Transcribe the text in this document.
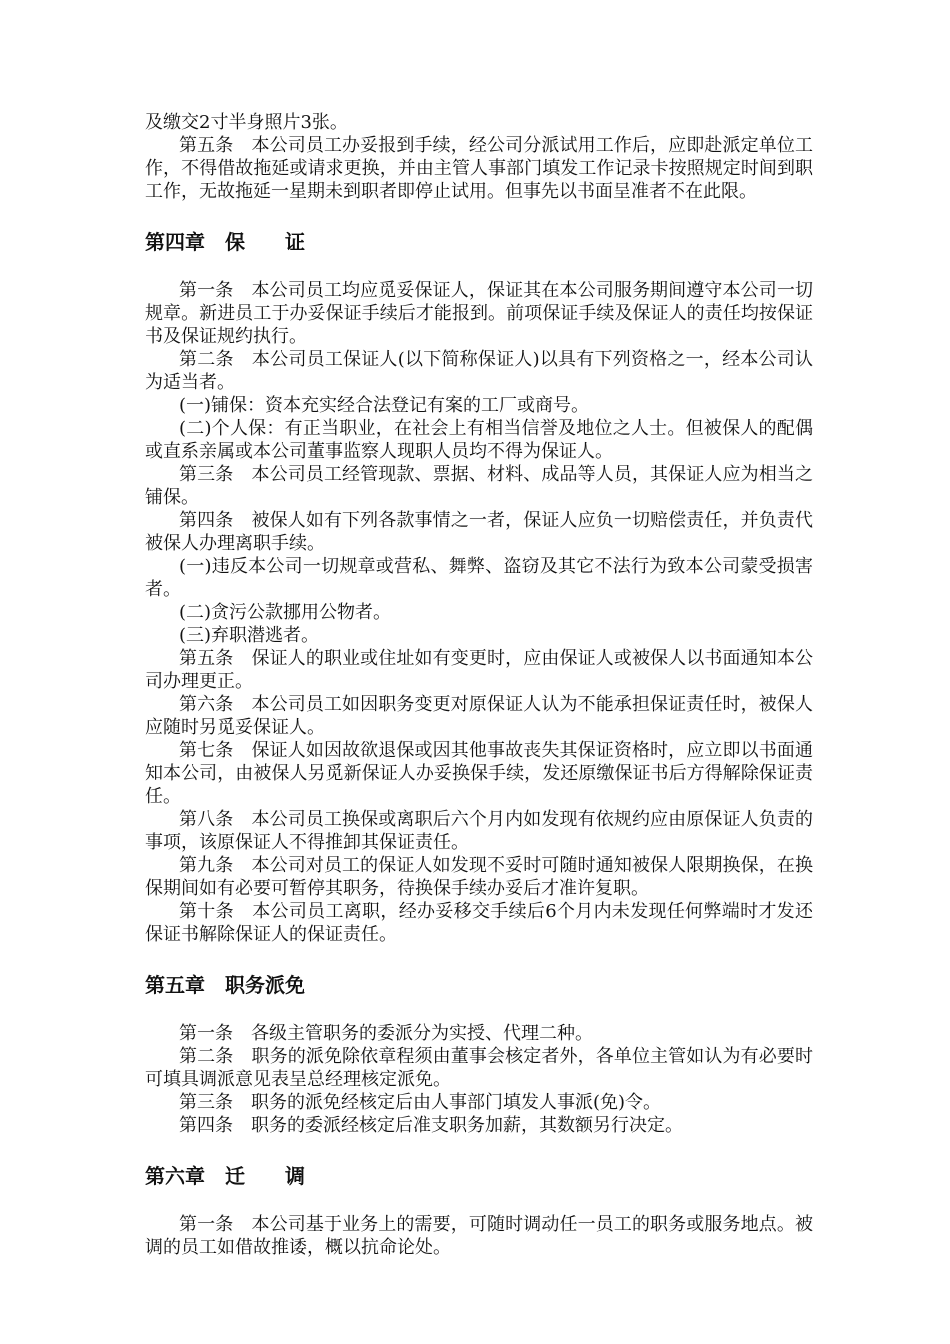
及缴交2寸半身照片3张。

第五条　本公司员工办妥报到手续，经公司分派试用工作后，应即赴派定单位工作，不得借故拖延或请求更换，并由主管人事部门填发工作记录卡按照规定时间到职工作，无故拖延一星期未到职者即停止试用。但事先以书面呈准者不在此限。

第四章　保　　证

第一条　本公司员工均应觅妥保证人，保证其在本公司服务期间遵守本公司一切规章。新进员工于办妥保证手续后才能报到。前项保证手续及保证人的责任均按保证书及保证规约执行。

第二条　本公司员工保证人(以下简称保证人)以具有下列资格之一，经本公司认为适当者。

(一)铺保：资本充实经合法登记有案的工厂或商号。

(二)个人保：有正当职业，在社会上有相当信誉及地位之人士。但被保人的配偶或直系亲属或本公司董事监察人现职人员均不得为保证人。

第三条　本公司员工经管现款、票据、材料、成品等人员，其保证人应为相当之铺保。

第四条　被保人如有下列各款事情之一者，保证人应负一切赔偿责任，并负责代被保人办理离职手续。

(一)违反本公司一切规章或营私、舞弊、盗窃及其它不法行为致本公司蒙受损害者。

(二)贪污公款挪用公物者。

(三)弃职潜逃者。

第五条　保证人的职业或住址如有变更时，应由保证人或被保人以书面通知本公司办理更正。

第六条　本公司员工如因职务变更对原保证人认为不能承担保证责任时，被保人应随时另觅妥保证人。

第七条　保证人如因故欲退保或因其他事故丧失其保证资格时，应立即以书面通知本公司，由被保人另觅新保证人办妥换保手续，发还原缴保证书后方得解除保证责任。

第八条　本公司员工换保或离职后六个月内如发现有依规约应由原保证人负责的事项，该原保证人不得推卸其保证责任。

第九条　本公司对员工的保证人如发现不妥时可随时通知被保人限期换保，在换保期间如有必要可暂停其职务，待换保手续办妥后才准许复职。

第十条　本公司员工离职，经办妥移交手续后6个月内未发现任何弊端时才发还保证书解除保证人的保证责任。

第五章　职务派免

第一条　各级主管职务的委派分为实授、代理二种。

第二条　职务的派免除依章程须由董事会核定者外，各单位主管如认为有必要时可填具调派意见表呈总经理核定派免。

第三条　职务的派免经核定后由人事部门填发人事派(免)令。

第四条　职务的委派经核定后准支职务加薪，其数额另行决定。

第六章　迁　　调

第一条　本公司基于业务上的需要，可随时调动任一员工的职务或服务地点。被调的员工如借故推诿，概以抗命论处。
